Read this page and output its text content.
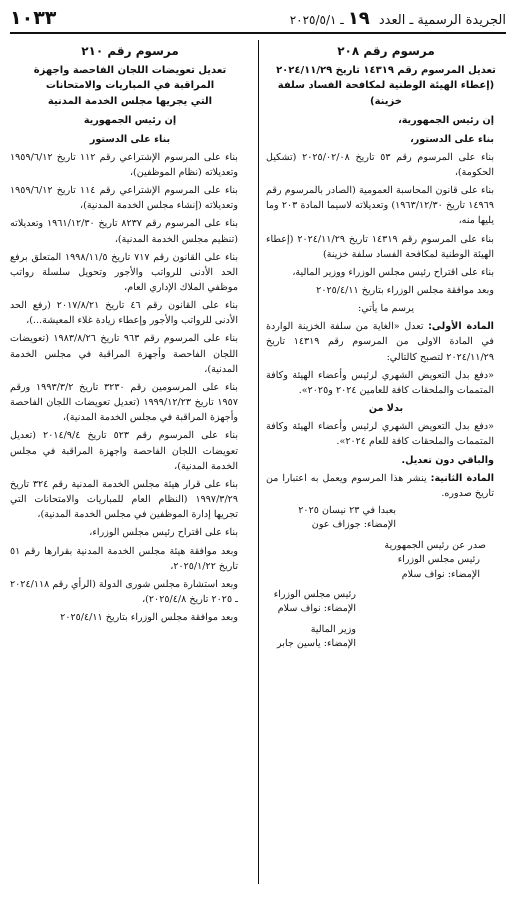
الجريدة الرسمية ـ العدد ١٩ـ ٢٠٢٥/٥/١
١٠٣٣
مرسوم رقم ٢٠٨
تعديل المرسوم رقم ١٤٣١٩ تاريخ ٢٠٢٤/١١/٢٩
(إعطاء الهيئة الوطنية لمكافحة الفساد سلفة
خزينة)

إن رئيس الجمهورية،

بناء على الدستور،

بناء على المرسوم رقم ٥٣ تاريخ ٢٠٢٥/٠٢/٠٨ (تشكيل الحكومة)،

بناء على قانون المحاسبة العمومية (الصادر بالمرسوم رقم ١٤٩٦٩ تاريخ ١٩٦٣/١٢/٣٠) وتعديلاته لاسيما المادة ٢٠٣ وما يليها منه،

بناء على المرسوم رقم ١٤٣١٩ تاريخ ٢٠٢٤/١١/٢٩ (إعطاء الهيئة الوطنية لمكافحة الفساد سلفة خزينة)

بناء على اقتراح رئيس مجلس الوزراء ووزير المالية،

وبعد موافقة مجلس الوزراء بتاريخ ٢٠٢٥/٤/١١

يرسم ما يأتي:

المادة الأولى: تعدل «الغاية من سلفة الخزينة الواردة في المادة الاولى من المرسوم رقم ١٤٣١٩ تاريخ ٢٠٢٤/١١/٢٩ لتصبح كالتالي:

«دفع بدل التعويض الشهري لرئيس وأعضاء الهيئة وكافة المتممات والملحقات كافة للعامين ٢٠٢٤ و٢٠٢٥».

بدلا من

«دفع بدل التعويض الشهري لرئيس وأعضاء الهيئة وكافة المتممات والملحقات كافة للعام ٢٠٢٤».

والباقي دون تعديل.

المادة الثانية: ينشر هذا المرسوم ويعمل به اعتبارا من تاريخ صدوره.

بعبدا في ٢٣ نيسان ٢٠٢٥
الإمضاء: جوزاف عون
صدر عن رئيس الجمهورية
رئيس مجلس الوزراء
الإمضاء: نواف سلام
رئيس مجلس الوزراء
الإمضاء: نواف سلام
وزير المالية
الإمضاء: ياسين جابر
مرسوم رقم ٢١٠
تعديل تعويضات اللجان الفاحصة واجهزة
المراقبة في المباريات والامتحانات
التي يجريها مجلس الخدمة المدنية

إن رئيس الجمهورية

بناء على الدستور

بناء على المرسوم الإشتراعي رقم ١١٢ تاريخ ١٩٥٩/٦/١٢ وتعديلاته (نظام الموظفين)،

بناء على المرسوم الإشتراعي رقم ١١٤ تاريخ ١٩٥٩/٦/١٢ وتعديلاته (إنشاء مجلس الخدمة المدنية)،

بناء على المرسوم رقم ٨٢٣٧ تاريخ ١٩٦١/١٢/٣٠ وتعديلاته (تنظيم مجلس الخدمة المدنية)،

بناء على القانون رقم ٧١٧ تاريخ ١٩٩٨/١١/٥ المتعلق برفع الحد الأدنى للرواتب والأجور وتحويل سلسلة رواتب موظفي الملاك الإداري العام،

بناء على القانون رقم ٤٦ تاريخ ٢٠١٧/٨/٢١ (رفع الحد الأدنى للرواتب والأجور وإعطاء زيادة غلاء المعيشة...)،

بناء على المرسوم رقم ٩٦٣ تاريخ ١٩٨٣/٨/٢٦ (تعويضات اللجان الفاحصة وأجهزة المراقبة في مجلس الخدمة المدنية)،

بناء على المرسومين رقم ٣٢٣٠ تاريخ ١٩٩٣/٣/٢ ورقم ١٩٥٧ تاريخ ١٩٩٩/١٢/٢٣ (تعديل تعويضات اللجان الفاحصة وأجهزة المراقبة في مجلس الخدمة المدنية)،

بناء على المرسوم رقم ٥٢٣ تاريخ ٢٠١٤/٩/٤ (تعديل تعويضات اللجان الفاحصة واجهزة المراقبة في مجلس الخدمة المدنية)،

بناء على قرار هيئة مجلس الخدمة المدنية رقم ٣٢٤ تاريخ ١٩٩٧/٣/٢٩ (النظام العام للمباريات والامتحانات التي تجريها إدارة الموظفين في مجلس الخدمة المدنية)،

بناء على اقتراح رئيس مجلس الوزراء،

وبعد موافقة هيئة مجلس الخدمة المدنية بقرارها رقم ٥١ تاريخ ٢٠٢٥/١/٢٢،

وبعد استشارة مجلس شورى الدولة (الرأي رقم ٢٠٢٤/١١٨ ـ ٢٠٢٥ تاريخ ٢٠٢٥/٤/٨)،

وبعد موافقة مجلس الوزراء بتاريخ ٢٠٢٥/٤/١١
